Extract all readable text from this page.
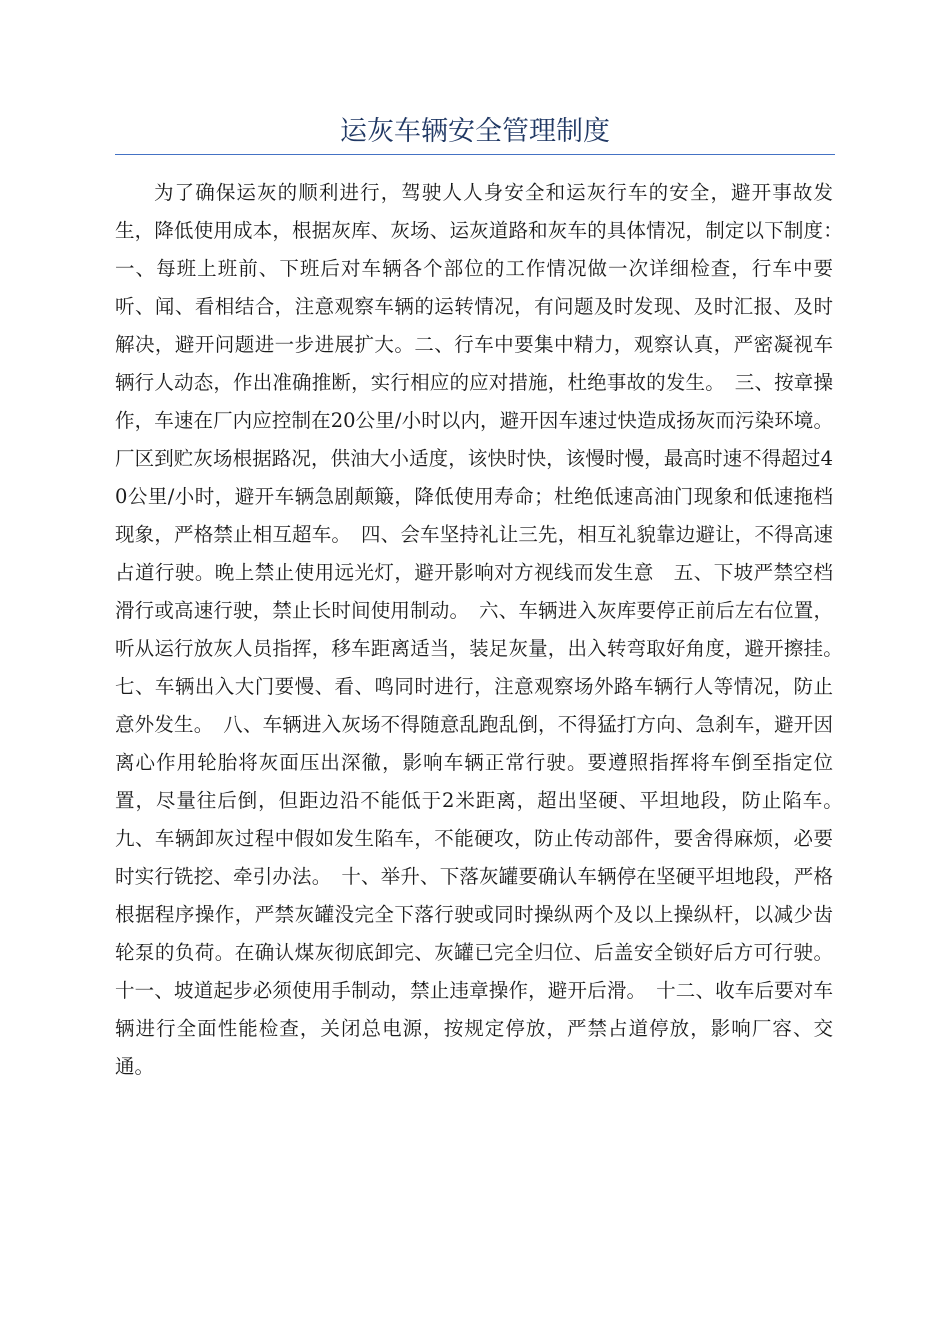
运灰车辆安全管理制度

为了确保运灰的顺利进行，驾驶人人身安全和运灰行车的安全，避开事故发生，降低使用成本，根据灰库、灰场、运灰道路和灰车的具体情况，制定以下制度：　一、每班上班前、下班后对车辆各个部位的工作情况做一次详细检查，行车中要听、闻、看相结合，注意观察车辆的运转情况，有问题及时发现、及时汇报、及时解决，避开问题进一步进展扩大。二、行车中要集中精力，观察认真，严密凝视车辆行人动态，作出准确推断，实行相应的应对措施，杜绝事故的发生。　三、按章操作，车速在厂内应控制在20公里/小时以内，避开因车速过快造成扬灰而污染环境。厂区到贮灰场根据路况，供油大小适度，该快时快，该慢时慢，最高时速不得超过40公里/小时，避开车辆急剧颠簸，降低使用寿命；杜绝低速高油门现象和低速拖档现象，严格禁止相互超车。　四、会车坚持礼让三先，相互礼貌靠边避让，不得高速占道行驶。晚上禁止使用远光灯，避开影响对方视线而发生意　五、下坡严禁空档滑行或高速行驶，禁止长时间使用制动。　六、车辆进入灰库要停正前后左右位置，听从运行放灰人员指挥，移车距离适当，装足灰量，出入转弯取好角度，避开擦挂。　七、车辆出入大门要慢、看、鸣同时进行，注意观察场外路车辆行人等情况，防止意外发生。　八、车辆进入灰场不得随意乱跑乱倒，不得猛打方向、急刹车，避开因离心作用轮胎将灰面压出深徹，影响车辆正常行驶。要遵照指挥将车倒至指定位置，尽量往后倒，但距边沿不能低于2米距离，超出坚硬、平坦地段，防止陷车。　九、车辆卸灰过程中假如发生陷车，不能硬攻，防止传动部件，要舍得麻烦，必要时实行铣挖、牵引办法。　十、举升、下落灰罐要确认车辆停在坚硬平坦地段，严格根据程序操作，严禁灰罐没完全下落行驶或同时操纵两个及以上操纵杆，以减少齿轮泵的负荷。在确认煤灰彻底卸完、灰罐已完全归位、后盖安全锁好后方可行驶。十一、坡道起步必须使用手制动，禁止违章操作，避开后滑。　十二、收车后要对车辆进行全面性能检查，关闭总电源，按规定停放，严禁占道停放，影响厂容、交通。
